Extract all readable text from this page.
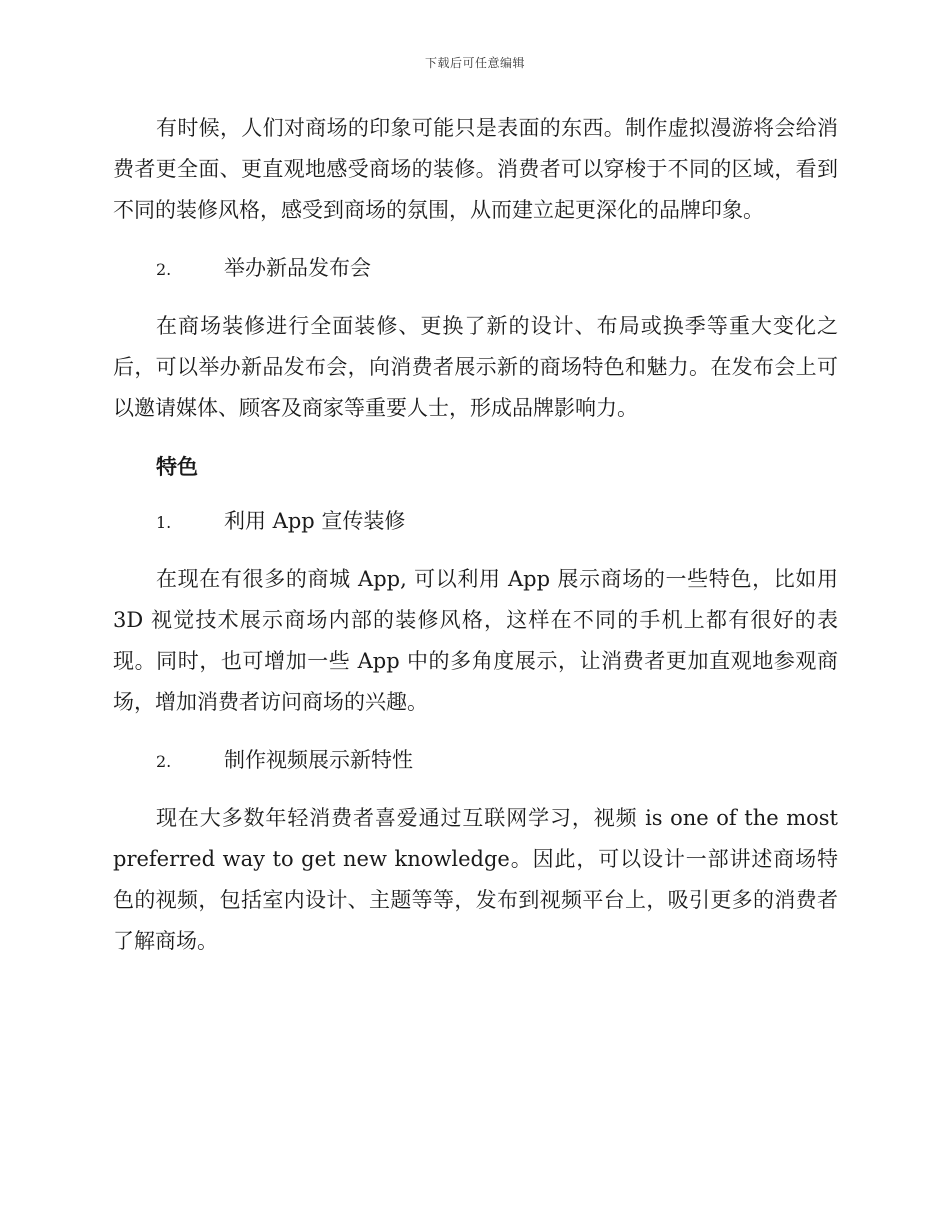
下载后可任意编辑

有时候，人们对商场的印象可能只是表面的东西。制作虚拟漫游将会给消费者更全面、更直观地感受商场的装修。消费者可以穿梭于不同的区域，看到不同的装修风格，感受到商场的氛围，从而建立起更深化的品牌印象。

2.	举办新品发布会

在商场装修进行全面装修、更换了新的设计、布局或换季等重大变化之后，可以举办新品发布会，向消费者展示新的商场特色和魅力。在发布会上可以邀请媒体、顾客及商家等重要人士，形成品牌影响力。

特色
1.	利用 App 宣传装修

在现在有很多的商城 App, 可以利用 App 展示商场的一些特色，比如用 3D 视觉技术展示商场内部的装修风格，这样在不同的手机上都有很好的表现。同时，也可增加一些 App 中的多角度展示，让消费者更加直观地参观商场，增加消费者访问商场的兴趣。

2.	制作视频展示新特性

现在大多数年轻消费者喜爱通过互联网学习，视频 is one of the most preferred way to get new knowledge。因此，可以设计一部讲述商场特色的视频，包括室内设计、主题等等，发布到视频平台上，吸引更多的消费者了解商场。
